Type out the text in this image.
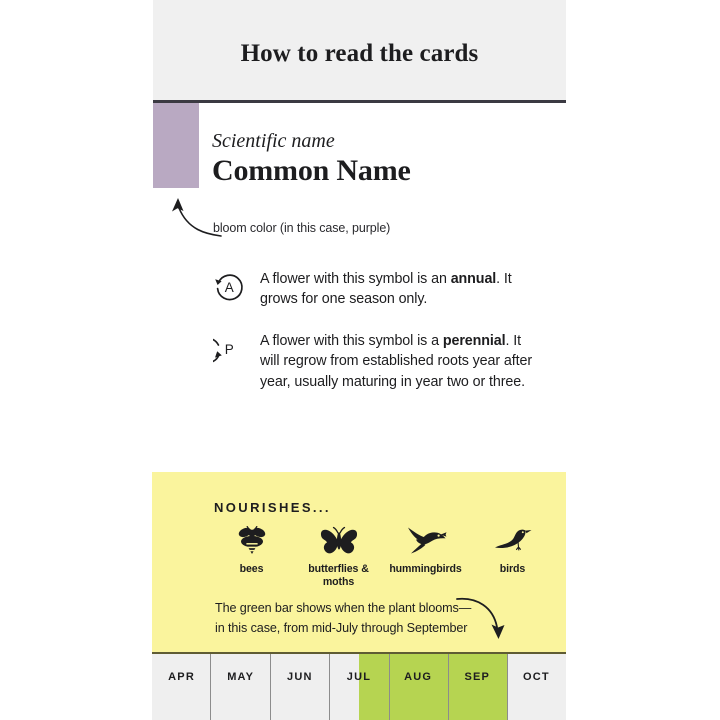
How to read the cards
Scientific name
Common Name
bloom color (in this case, purple)
A
A flower with this symbol is an annual. It grows for one season only.
P
A flower with this symbol is a perennial. It will regrow from established roots year after year, usually maturing in year two or three.
NOURISHES...
bees	butterflies &
moths
hummingbirds	birds
The green bar shows when the plant blooms—
in this case, from mid-July through September
APR	MAY	JUN	JUL	AUG	SEP	OCT
